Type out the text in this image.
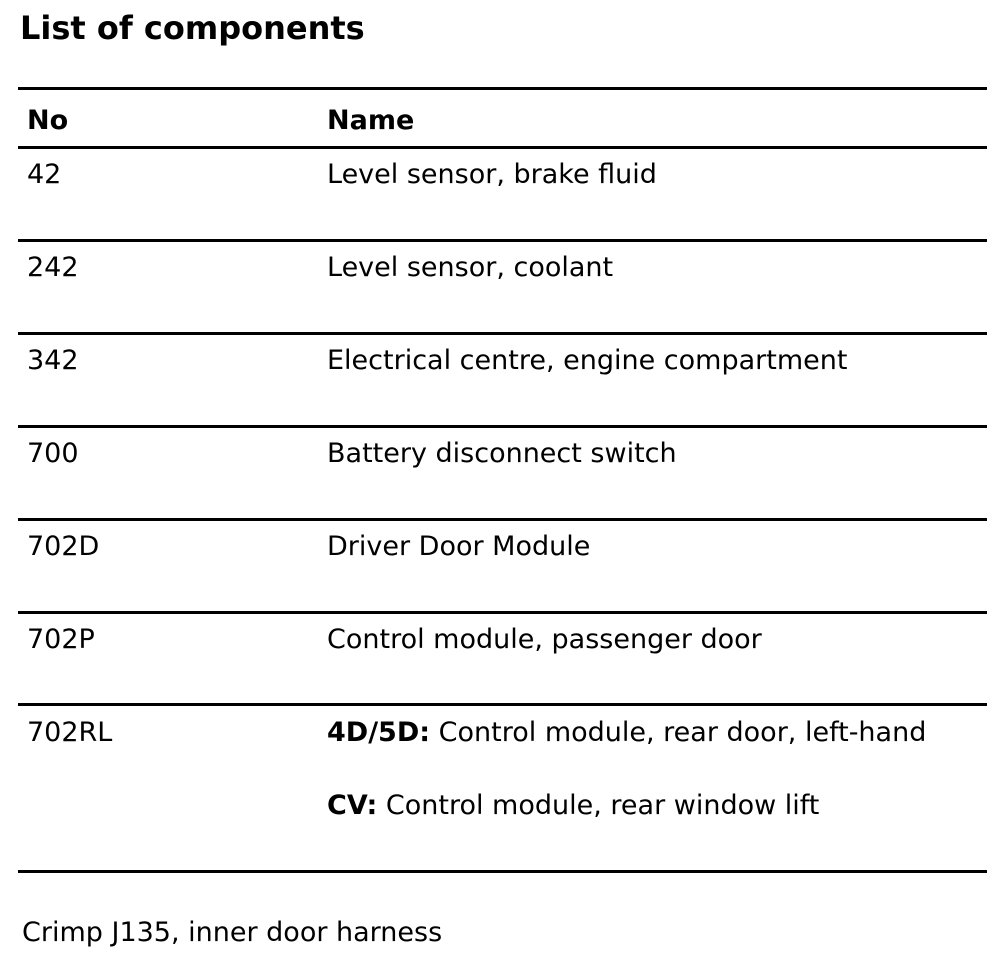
List of components
No	Name
42	Level sensor, brake fluid
242	Level sensor, coolant
342	Electrical centre, engine compartment
700	Battery disconnect switch
702D	Driver Door Module
702P	Control module, passenger door
702RL	4D/5D: Control module, rear door, left-hand
CV: Control module, rear window lift
Crimp J135, inner door harness
